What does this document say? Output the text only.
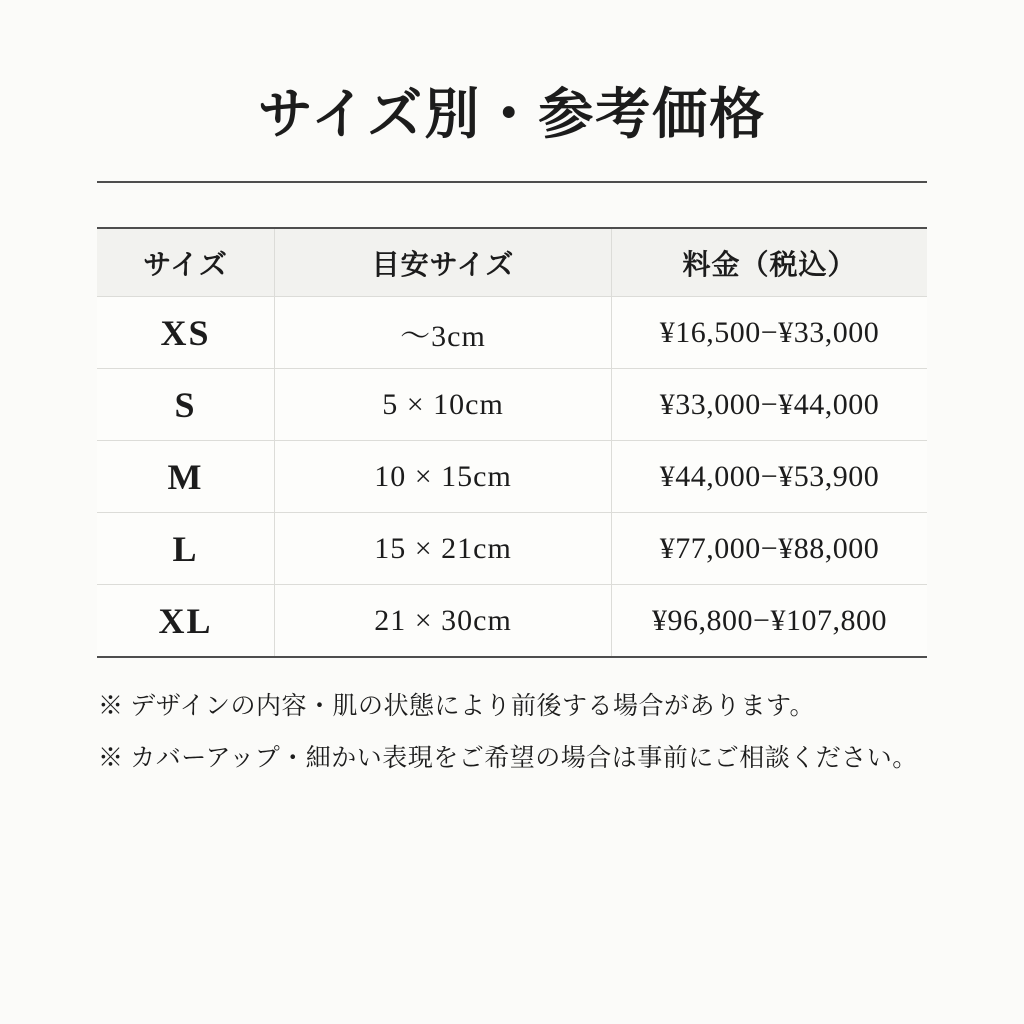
サイズ別・参考価格
サイズ	目安サイズ	料金（税込）
XS	～3cm	¥16,500−¥33,000
S	5 × 10cm	¥33,000−¥44,000
M	10 × 15cm	¥44,000−¥53,900
L	15 × 21cm	¥77,000−¥88,000
XL	21 × 30cm	¥96,800−¥107,800

※ デザインの内容・肌の状態により前後する場合があります。

※ カバーアップ・細かい表現をご希望の場合は事前にご相談ください。
